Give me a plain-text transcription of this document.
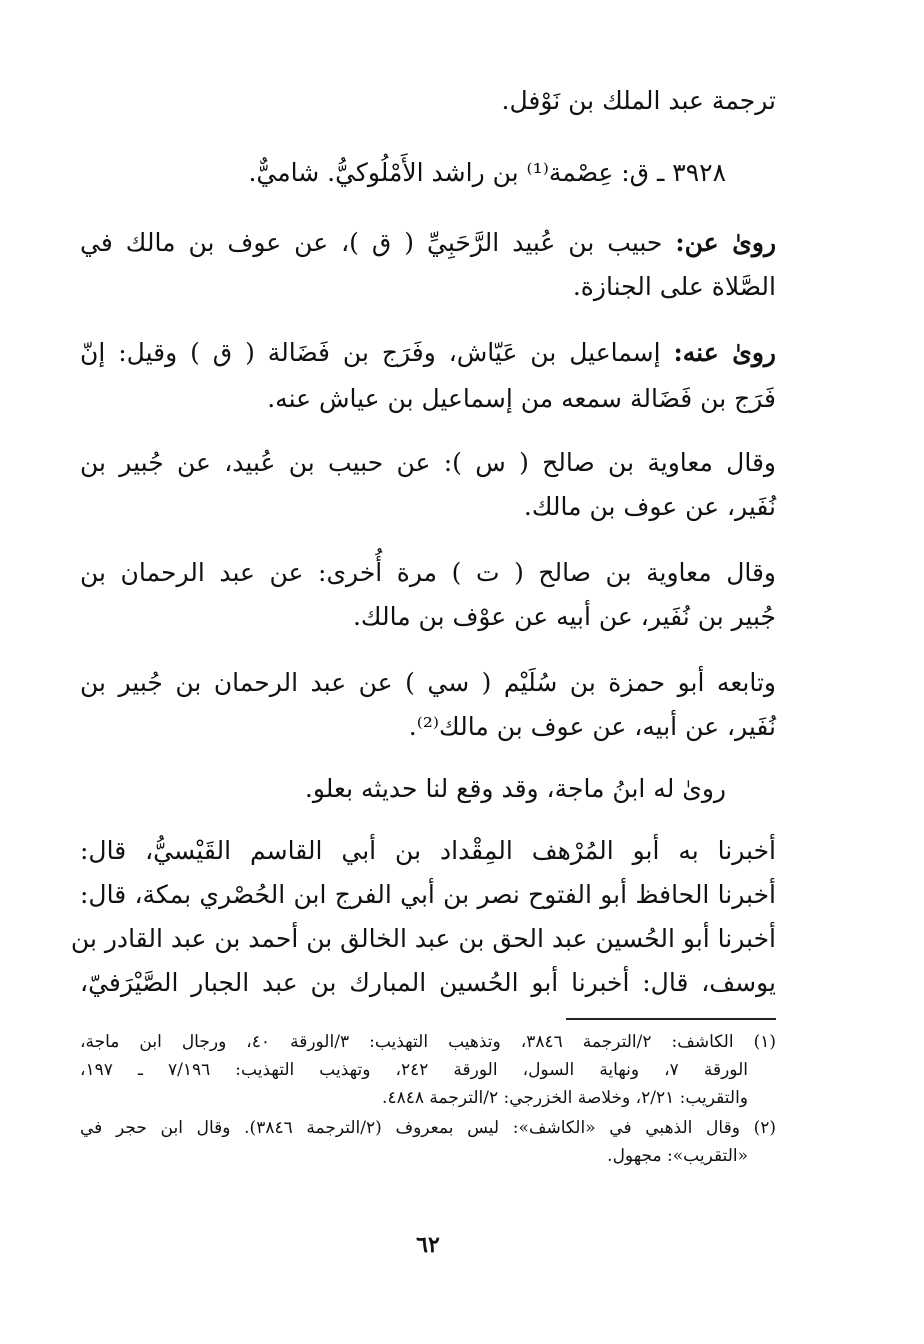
ترجمة عبد الملك بن نَوْفل.
٣٩٢٨ ـ ق: عِصْمة⁽¹⁾ بن راشد الأَمْلُوكيُّ. شاميٌّ.
روىٰ عن: حبيب بن عُبيد الرَّحَبِيِّ ( ق )، عن عوف بن مالك في
الصَّلاة على الجنازة.
روىٰ عنه: إسماعيل بن عَيّاش، وفَرَج بن فَضَالة ( ق ) وقيل: إنّ
فَرَج بن فَضَالة سمعه من إسماعيل بن عياش عنه.
وقال معاوية بن صالح ( س ): عن حبيب بن عُبيد، عن جُبير بن
نُفَير، عن عوف بن مالك.
وقال معاوية بن صالح ( ت ) مرة أُخرى: عن عبد الرحمان بن
جُبير بن نُفَير، عن أبيه عن عوْف بن مالك.
وتابعه أبو حمزة بن سُلَيْم ( سي ) عن عبد الرحمان بن جُبير بن
نُفَير، عن أبيه، عن عوف بن مالك⁽²⁾.
روىٰ له ابنُ ماجة، وقد وقع لنا حديثه بعلو.
أخبرنا به أبو المُرْهف المِقْداد بن أبي القاسم القَيْسيُّ، قال:
أخبرنا الحافظ أبو الفتوح نصر بن أبي الفرج ابن الحُصْري بمكة، قال:
أخبرنا أبو الحُسين عبد الحق بن عبد الخالق بن أحمد بن عبد القادر بن
يوسف، قال: أخبرنا أبو الحُسين المبارك بن عبد الجبار الصَّيْرَفيّ،
(١) الكاشف: ٢/الترجمة ٣٨٤٦، وتذهيب التهذيب: ٣/الورقة ٤٠، ورجال ابن ماجة،
الورقة ٧، ونهاية السول، الورقة ٢٤٢، وتهذيب التهذيب: ٧/١٩٦ ـ ١٩٧،
والتقريب: ٢/٢١، وخلاصة الخزرجي: ٢/الترجمة ٤٨٤٨.
(٢) وقال الذهبي في «الكاشف»: ليس بمعروف (٢/الترجمة ٣٨٤٦). وقال ابن حجر في
«التقريب»: مجهول.
٦٢
